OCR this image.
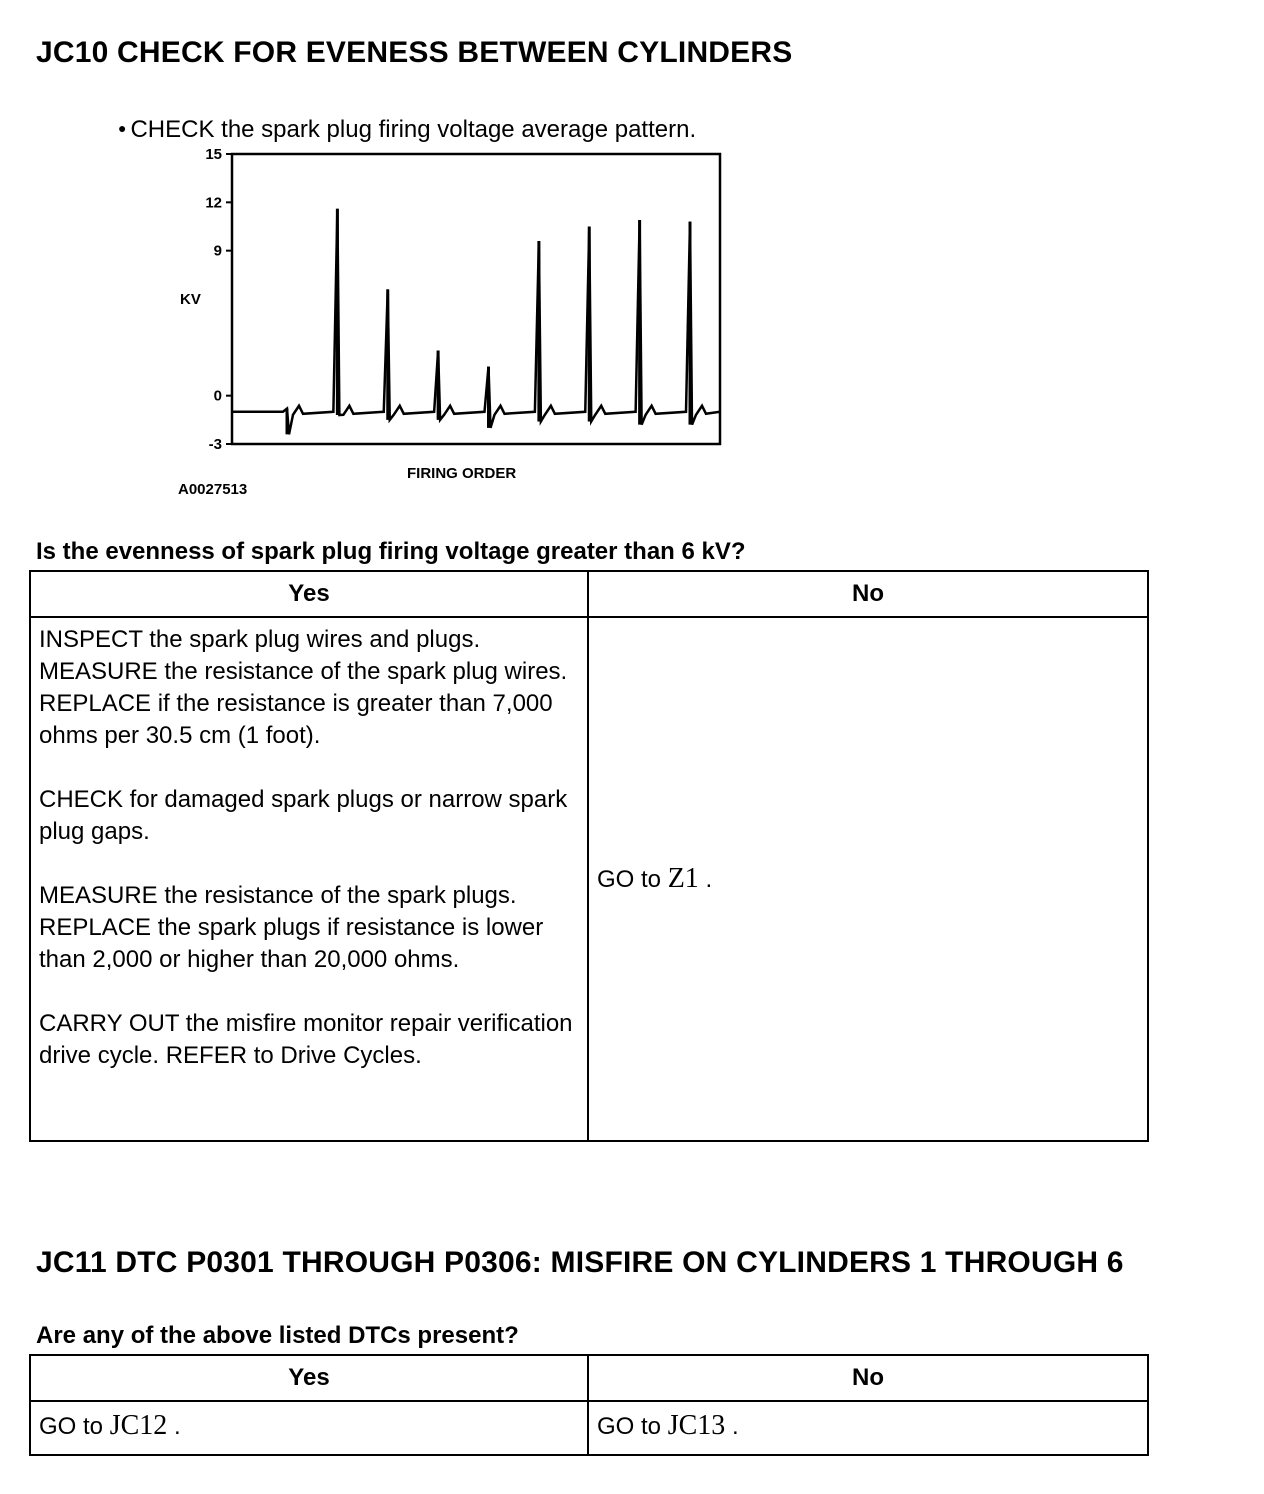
JC10 CHECK FOR EVENESS BETWEEN CYLINDERS
● CHECK the spark plug firing voltage average pattern.
15
12
9
0
-3
KV
FIRING ORDER
A0027513
Is the evenness of spark plug firing voltage greater than 6 kV?
Yes	No

INSPECT the spark plug wires and plugs. MEASURE the resistance of the spark plug wires. REPLACE if the resistance is greater than 7,000 ohms per 30.5 cm (1 foot).
CHECK for damaged spark plugs or narrow spark plug gaps.
MEASURE the resistance of the spark plugs. REPLACE the spark plugs if resistance is lower than 2,000 or higher than 20,000 ohms.
CARRY OUT the misfire monitor repair verification drive cycle. REFER to Drive Cycles.	GO to Z1 .
JC11 DTC P0301 THROUGH P0306: MISFIRE ON CYLINDERS 1 THROUGH 6
Are any of the above listed DTCs present?
Yes	No
GO to JC12 .	GO to JC13 .
